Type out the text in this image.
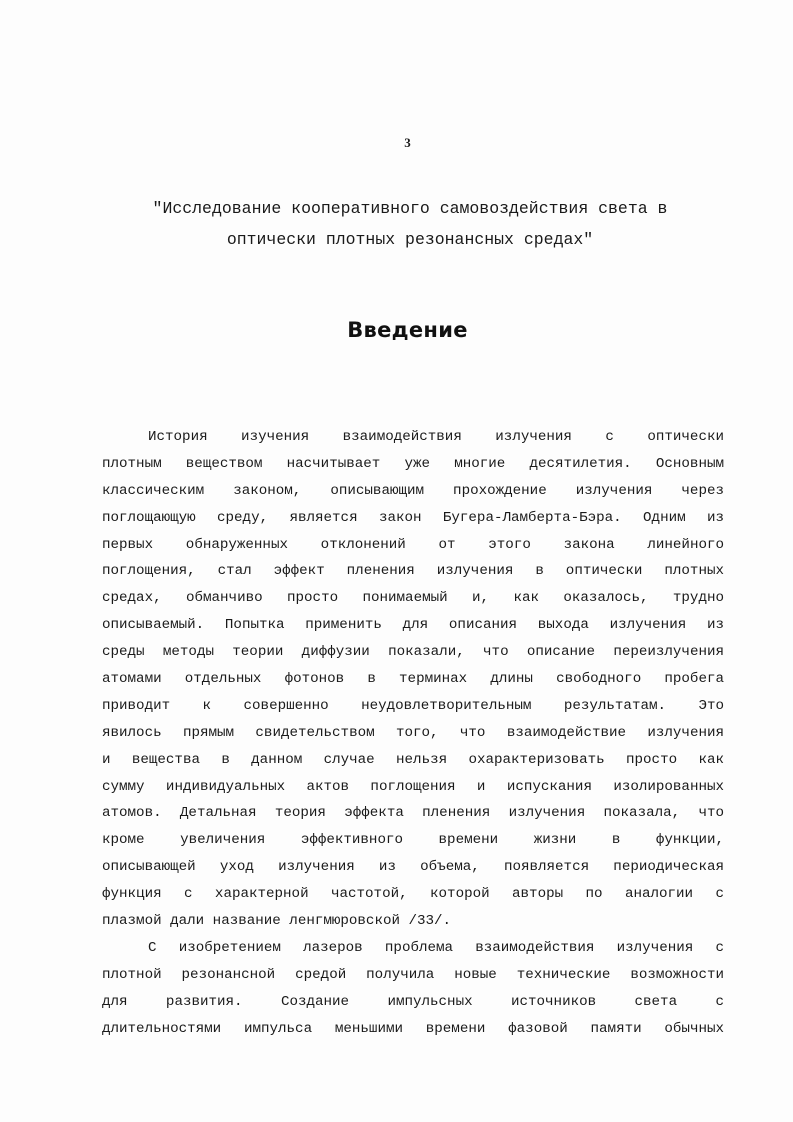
3
"Исследование кооперативного самовоздействия света в
оптически плотных резонансных средах"
Введение
История изучения взаимодействия излучения с оптически
плотным веществом насчитывает уже многие десятилетия. Основным
классическим законом, описывающим прохождение излучения через
поглощающую среду, является закон Бугера-Ламберта-Бэра. Одним из
первых обнаруженных отклонений от этого закона линейного
поглощения, стал эффект пленения излучения в оптически плотных
средах, обманчиво просто понимаемый и, как оказалось, трудно
описываемый. Попытка применить для описания выхода излучения из
среды методы теории диффузии показали, что описание переизлучения
атомами отдельных фотонов в терминах длины свободного пробега
приводит к совершенно неудовлетворительным результатам. Это
явилось прямым свидетельством того, что взаимодействие излучения
и вещества в данном случае нельзя охарактеризовать просто как
сумму индивидуальных актов поглощения и испускания изолированных
атомов. Детальная теория эффекта пленения излучения показала, что
кроме увеличения эффективного времени жизни в функции,
описывающей уход излучения из объема, появляется периодическая
функция с характерной частотой, которой авторы по аналогии с
плазмой дали название ленгмюровской /33/.
С изобретением лазеров проблема взаимодействия излучения с
плотной резонансной средой получила новые технические возможности
для развития. Создание импульсных источников света с
длительностями импульса меньшими времени фазовой памяти обычных
